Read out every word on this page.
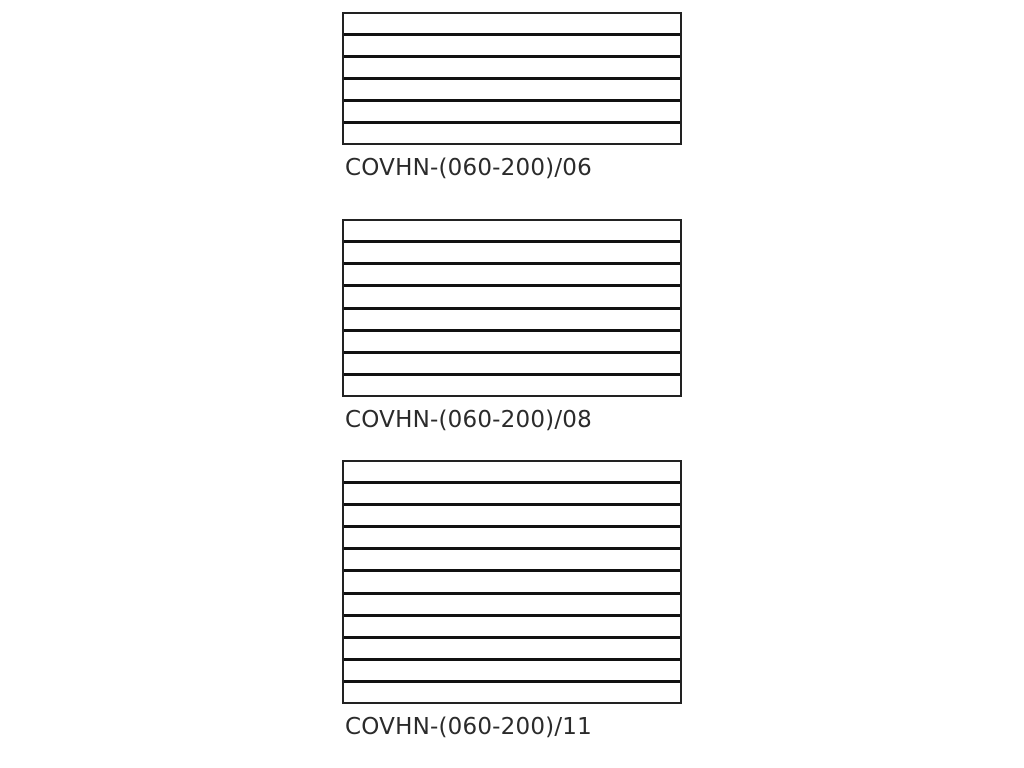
COVHN-(060-200)/06
COVHN-(060-200)/08
COVHN-(060-200)/11
